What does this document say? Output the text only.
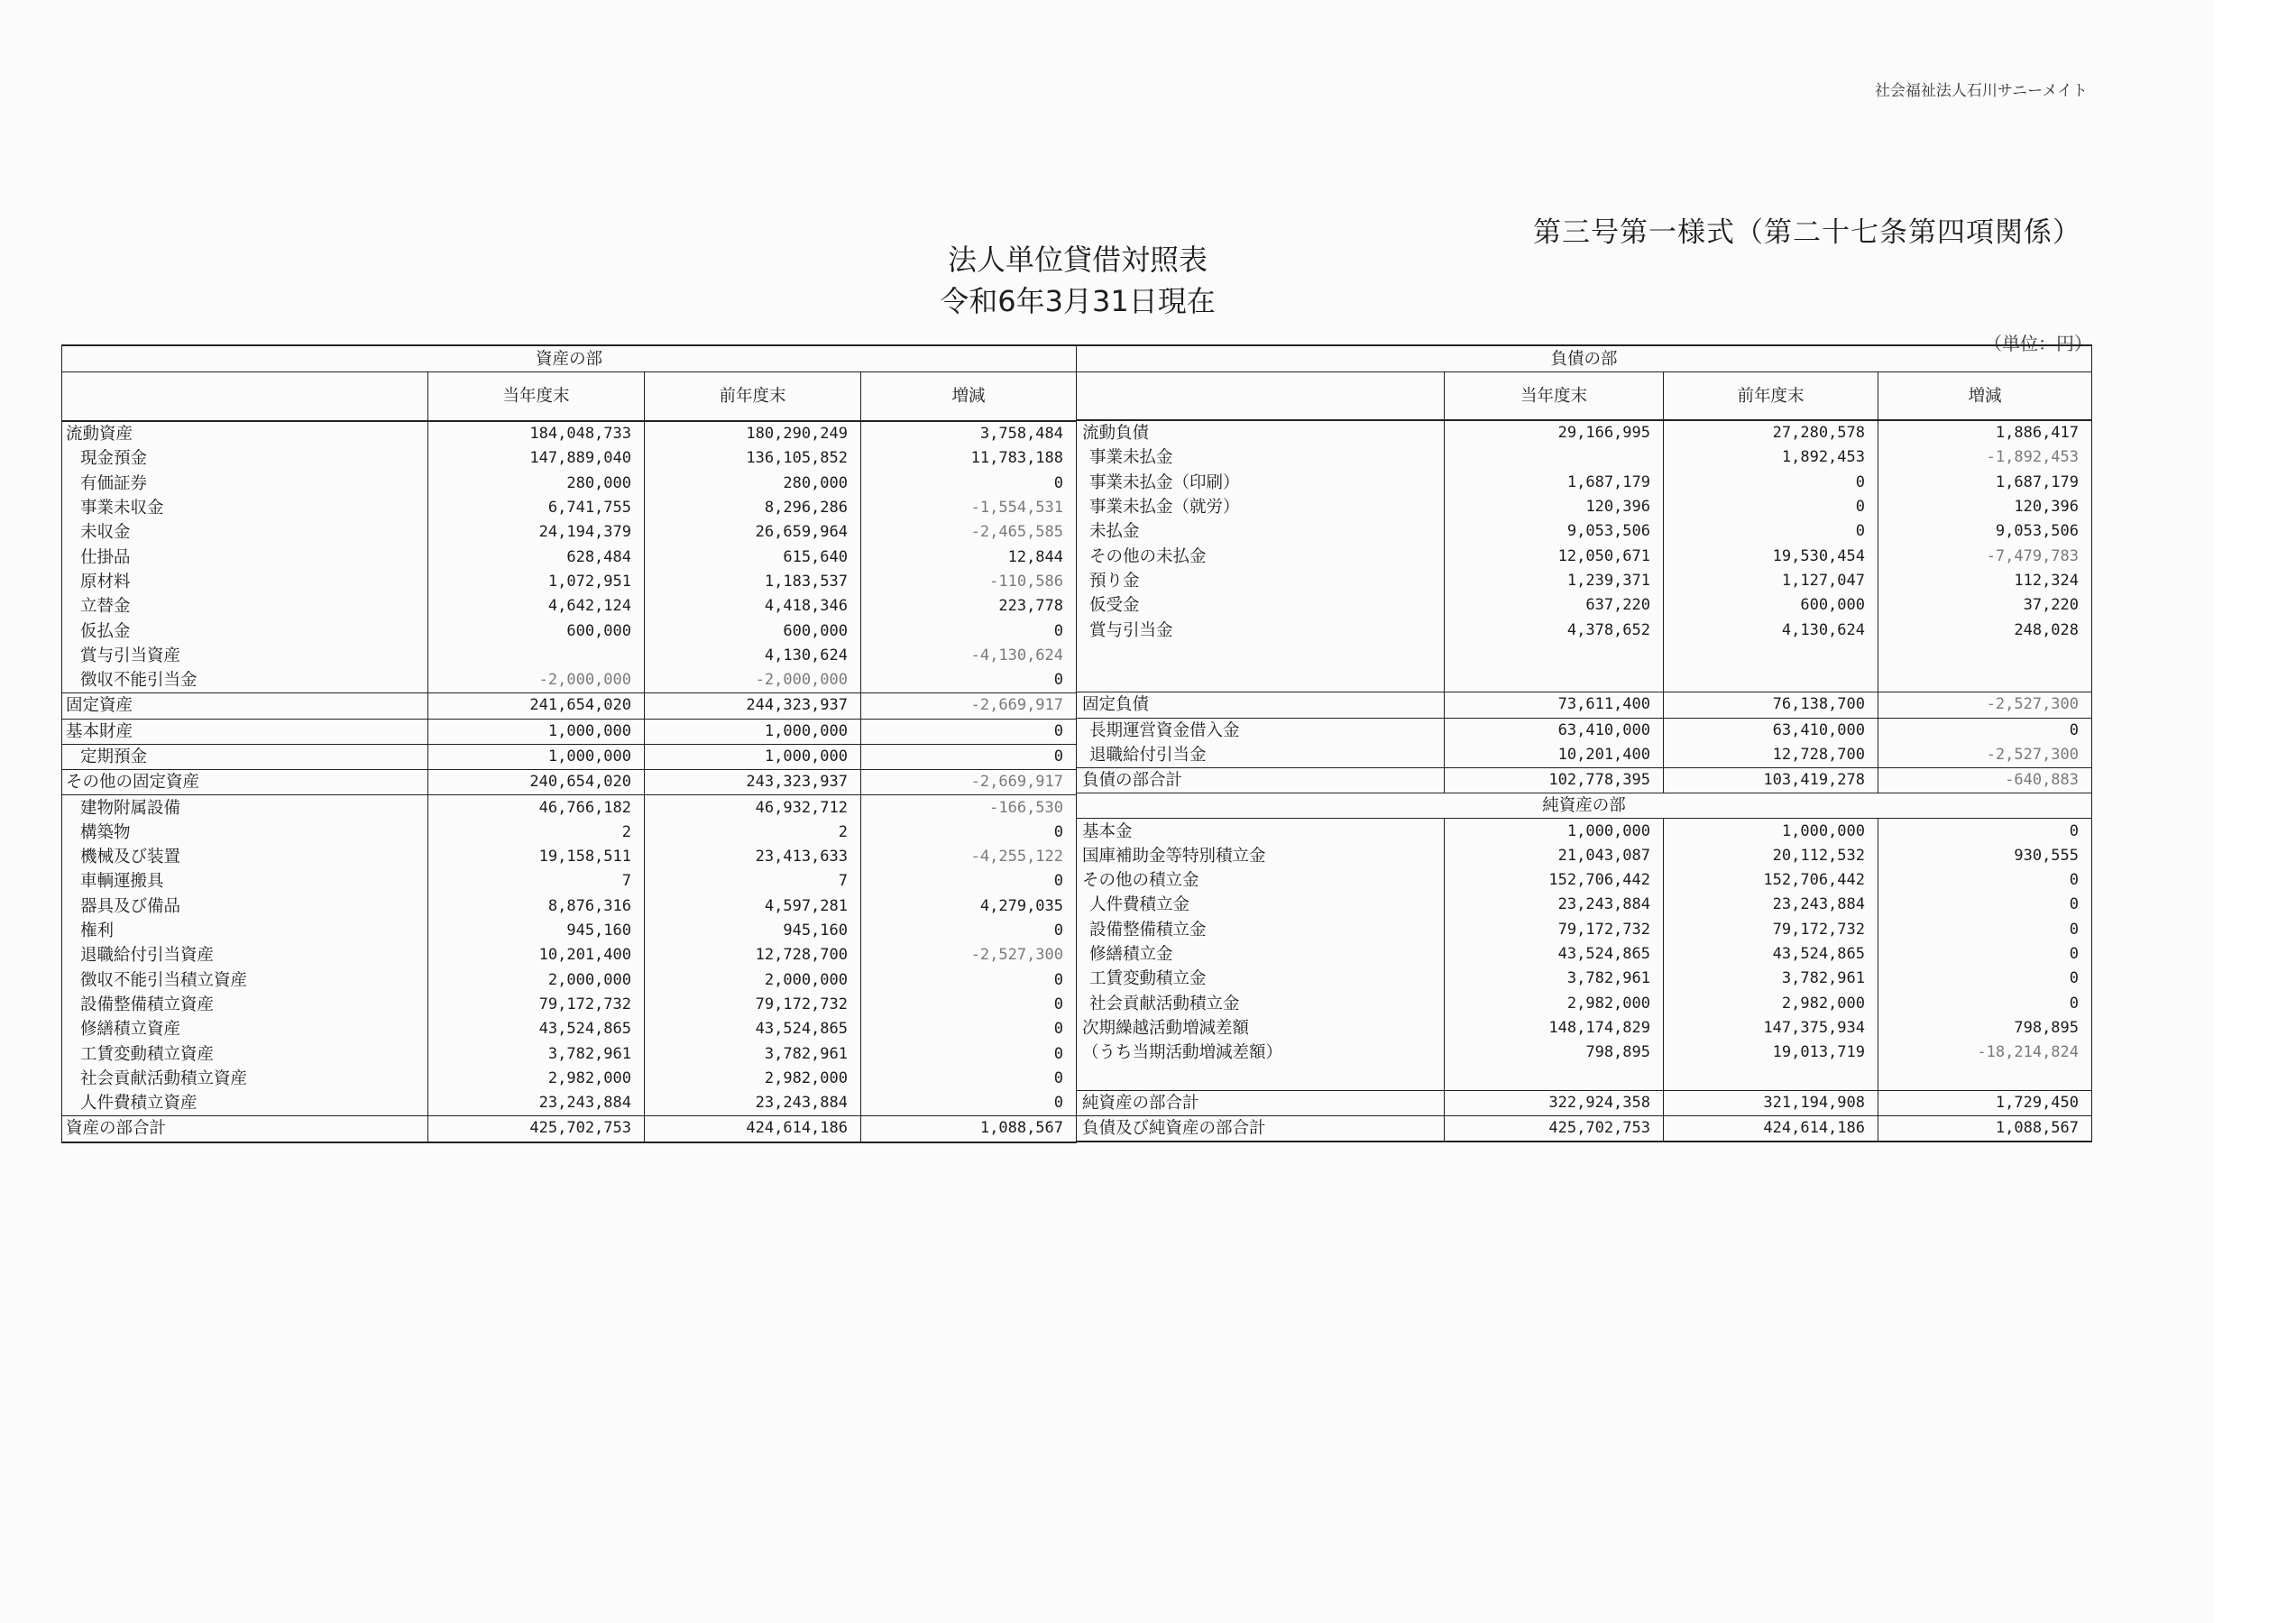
社会福祉法人石川サニーメイト
第三号第一様式（第二十七条第四項関係）
法人単位貸借対照表
令和6年3月31日現在
（単位：円）
資産の部			
	当年度末	前年度末	増減
流動資産	184,048,733	180,290,249	3,758,484
現金預金	147,889,040	136,105,852	11,783,188
有価証券	280,000	280,000	0
事業未収金	6,741,755	8,296,286	-1,554,531
未収金	24,194,379	26,659,964	-2,465,585
仕掛品	628,484	615,640	12,844
原材料	1,072,951	1,183,537	-110,586
立替金	4,642,124	4,418,346	223,778
仮払金	600,000	600,000	0
賞与引当資産		4,130,624	-4,130,624
徴収不能引当金	-2,000,000	-2,000,000	0
固定資産	241,654,020	244,323,937	-2,669,917
基本財産	1,000,000	1,000,000	0
定期預金	1,000,000	1,000,000	0
その他の固定資産	240,654,020	243,323,937	-2,669,917
建物附属設備	46,766,182	46,932,712	-166,530
構築物	2	2	0
機械及び装置	19,158,511	23,413,633	-4,255,122
車輌運搬具	7	7	0
器具及び備品	8,876,316	4,597,281	4,279,035
権利	945,160	945,160	0
退職給付引当資産	10,201,400	12,728,700	-2,527,300
徴収不能引当積立資産	2,000,000	2,000,000	0
設備整備積立資産	79,172,732	79,172,732	0
修繕積立資産	43,524,865	43,524,865	0
工賃変動積立資産	3,782,961	3,782,961	0
社会貢献活動積立資産	2,982,000	2,982,000	0
人件費積立資産	23,243,884	23,243,884	0
資産の部合計	425,702,753	424,614,186	1,088,567
負債の部			
	当年度末	前年度末	増減
流動負債	29,166,995	27,280,578	1,886,417
事業未払金		1,892,453	-1,892,453
事業未払金（印刷）	1,687,179	0	1,687,179
事業未払金（就労）	120,396	0	120,396
未払金	9,053,506	0	9,053,506
その他の未払金	12,050,671	19,530,454	-7,479,783
預り金	1,239,371	1,127,047	112,324
仮受金	637,220	600,000	37,220
賞与引当金	4,378,652	4,130,624	248,028

固定負債	73,611,400	76,138,700	-2,527,300
長期運営資金借入金	63,410,000	63,410,000	0
退職給付引当金	10,201,400	12,728,700	-2,527,300
負債の部合計	102,778,395	103,419,278	-640,883
純資産の部			
基本金	1,000,000	1,000,000	0
国庫補助金等特別積立金	21,043,087	20,112,532	930,555
その他の積立金	152,706,442	152,706,442	0
人件費積立金	23,243,884	23,243,884	0
設備整備積立金	79,172,732	79,172,732	0
修繕積立金	43,524,865	43,524,865	0
工賃変動積立金	3,782,961	3,782,961	0
社会貢献活動積立金	2,982,000	2,982,000	0
次期繰越活動増減差額	148,174,829	147,375,934	798,895
（うち当期活動増減差額）	798,895	19,013,719	-18,214,824

純資産の部合計	322,924,358	321,194,908	1,729,450
負債及び純資産の部合計	425,702,753	424,614,186	1,088,567
